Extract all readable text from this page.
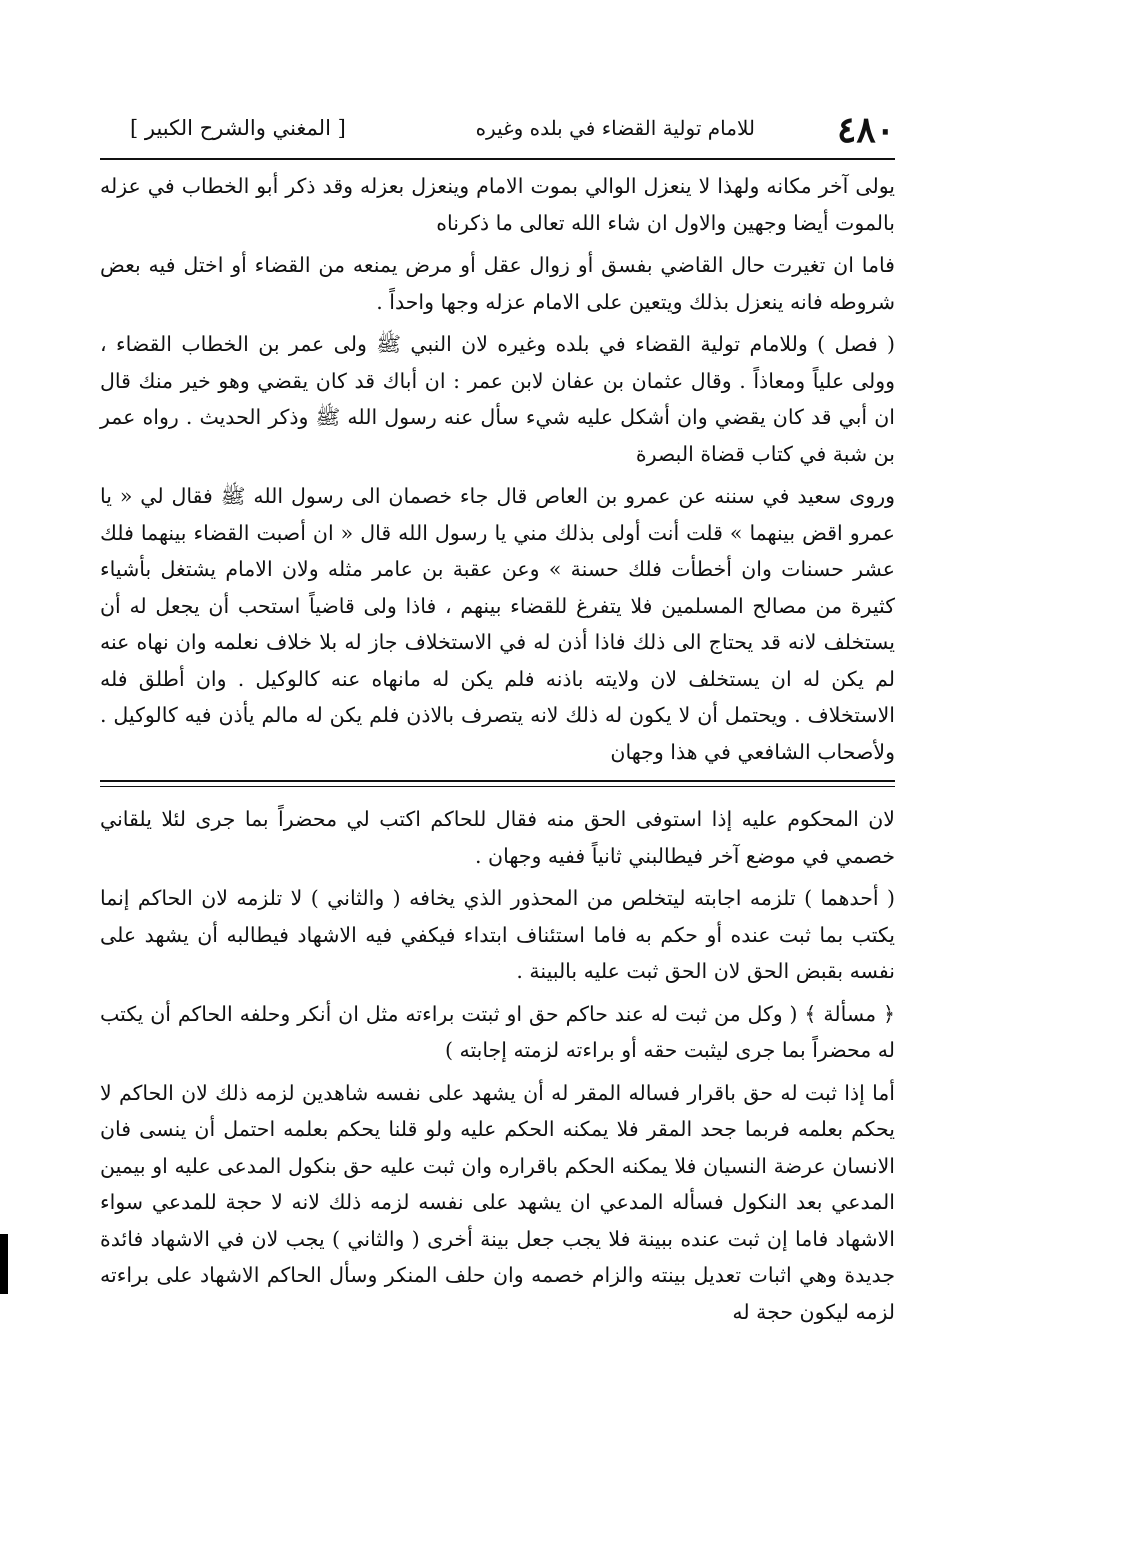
٤٨٠
للامام تولية القضاء في بلده وغيره
[ المغني والشرح الكبير ]

يولى آخر مكانه ولهذا لا ينعزل الوالي بموت الامام وينعزل بعزله وقد ذكر أبو الخطاب في عزله بالموت أيضا وجهين والاول ان شاء الله تعالى ما ذكرناه

فاما ان تغيرت حال القاضي بفسق أو زوال عقل أو مرض يمنعه من القضاء أو اختل فيه بعض شروطه فانه ينعزل بذلك ويتعين على الامام عزله وجها واحداً .

( فصل ) وللامام تولية القضاء في بلده وغيره لان النبي ﷺ ولى عمر بن الخطاب القضاء ، وولى علياً ومعاذاً . وقال عثمان بن عفان لابن عمر : ان أباك قد كان يقضي وهو خير منك قال ان أبي قد كان يقضي وان أشكل عليه شيء سأل عنه رسول الله ﷺ وذكر الحديث . رواه عمر بن شبة في كتاب قضاة البصرة

وروى سعيد في سننه عن عمرو بن العاص قال جاء خصمان الى رسول الله ﷺ فقال لي « يا عمرو اقض بينهما » قلت أنت أولى بذلك مني يا رسول الله قال « ان أصبت القضاء بينهما فلك عشر حسنات وان أخطأت فلك حسنة » وعن عقبة بن عامر مثله ولان الامام يشتغل بأشياء كثيرة من مصالح المسلمين فلا يتفرغ للقضاء بينهم ، فاذا ولى قاضياً استحب أن يجعل له أن يستخلف لانه قد يحتاج الى ذلك فاذا أذن له في الاستخلاف جاز له بلا خلاف نعلمه وان نهاه عنه لم يكن له ان يستخلف لان ولايته باذنه فلم يكن له مانهاه عنه كالوكيل . وان أطلق فله الاستخلاف . ويحتمل أن لا يكون له ذلك لانه يتصرف بالاذن فلم يكن له مالم يأذن فيه كالوكيل . ولأصحاب الشافعي في هذا وجهان

لان المحكوم عليه إذا استوفى الحق منه فقال للحاكم اكتب لي محضراً بما جرى لئلا يلقاني خصمي في موضع آخر فيطالبني ثانياً ففيه وجهان .

( أحدهما ) تلزمه اجابته ليتخلص من المحذور الذي يخافه ( والثاني ) لا تلزمه لان الحاكم إنما يكتب بما ثبت عنده أو حكم به فاما استئناف ابتداء فيكفي فيه الاشهاد فيطالبه أن يشهد على نفسه بقبض الحق لان الحق ثبت عليه بالبينة .

﴿ مسألة ﴾ ( وكل من ثبت له عند حاكم حق او ثبتت براءته مثل ان أنكر وحلفه الحاكم أن يكتب له محضراً بما جرى ليثبت حقه أو براءته لزمته إجابته )

أما إذا ثبت له حق باقرار فساله المقر له أن يشهد على نفسه شاهدين لزمه ذلك لان الحاكم لا يحكم بعلمه فربما جحد المقر فلا يمكنه الحكم عليه ولو قلنا يحكم بعلمه احتمل أن ينسى فان الانسان عرضة النسيان فلا يمكنه الحكم باقراره وان ثبت عليه حق بنكول المدعى عليه او بيمين المدعي بعد النكول فسأله المدعي ان يشهد على نفسه لزمه ذلك لانه لا حجة للمدعي سواء الاشهاد فاما إن ثبت عنده ببينة فلا يجب جعل بينة أخرى ( والثاني ) يجب لان في الاشهاد فائدة جديدة وهي اثبات تعديل بينته والزام خصمه وان حلف المنكر وسأل الحاكم الاشهاد على براءته لزمه ليكون حجة له
